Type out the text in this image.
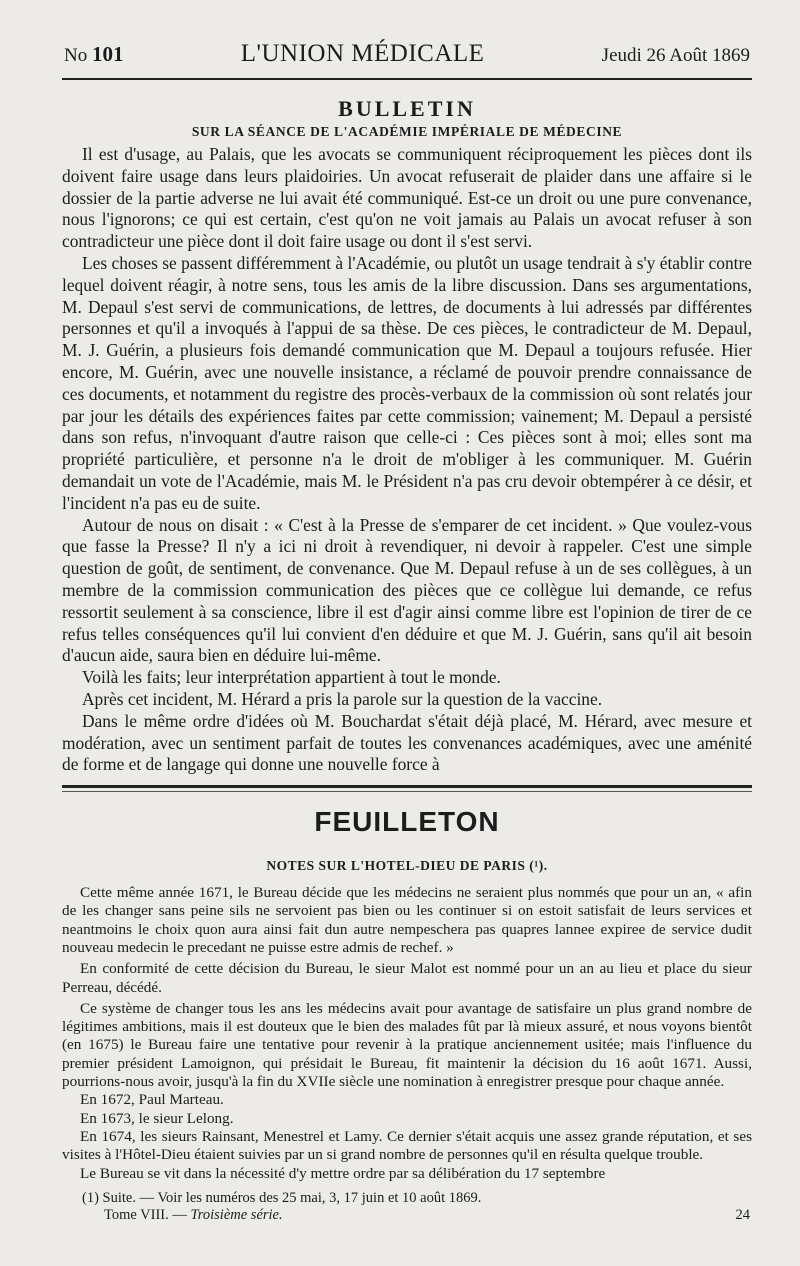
No 101	L'UNION MÉDICALE	Jeudi 26 Août 1869
BULLETIN
SUR LA SÉANCE DE L'ACADÉMIE IMPÉRIALE DE MÉDECINE

Il est d'usage, au Palais, que les avocats se communiquent réciproquement les pièces dont ils doivent faire usage dans leurs plaidoiries. Un avocat refuserait de plaider dans une affaire si le dossier de la partie adverse ne lui avait été communiqué. Est-ce un droit ou une pure convenance, nous l'ignorons; ce qui est certain, c'est qu'on ne voit jamais au Palais un avocat refuser à son contradicteur une pièce dont il doit faire usage ou dont il s'est servi.

Les choses se passent différemment à l'Académie, ou plutôt un usage tendrait à s'y établir contre lequel doivent réagir, à notre sens, tous les amis de la libre discussion. Dans ses argumentations, M. Depaul s'est servi de communications, de lettres, de documents à lui adressés par différentes personnes et qu'il a invoqués à l'appui de sa thèse. De ces pièces, le contradicteur de M. Depaul, M. J. Guérin, a plusieurs fois demandé communication que M. Depaul a toujours refusée. Hier encore, M. Guérin, avec une nouvelle insistance, a réclamé de pouvoir prendre connaissance de ces documents, et notamment du registre des procès-verbaux de la commission où sont relatés jour par jour les détails des expériences faites par cette commission; vainement; M. Depaul a persisté dans son refus, n'invoquant d'autre raison que celle-ci : Ces pièces sont à moi; elles sont ma propriété particulière, et personne n'a le droit de m'obliger à les communiquer. M. Guérin demandait un vote de l'Académie, mais M. le Président n'a pas cru devoir obtempérer à ce désir, et l'incident n'a pas eu de suite.

Autour de nous on disait : « C'est à la Presse de s'emparer de cet incident. » Que voulez-vous que fasse la Presse? Il n'y a ici ni droit à revendiquer, ni devoir à rappeler. C'est une simple question de goût, de sentiment, de convenance. Que M. Depaul refuse à un de ses collègues, à un membre de la commission communication des pièces que ce collègue lui demande, ce refus ressortit seulement à sa conscience, libre il est d'agir ainsi comme libre est l'opinion de tirer de ce refus telles conséquences qu'il lui convient d'en déduire et que M. J. Guérin, sans qu'il ait besoin d'aucun aide, saura bien en déduire lui-même.

Voilà les faits; leur interprétation appartient à tout le monde.

Après cet incident, M. Hérard a pris la parole sur la question de la vaccine.

Dans le même ordre d'idées où M. Bouchardat s'était déjà placé, M. Hérard, avec mesure et modération, avec un sentiment parfait de toutes les convenances académiques, avec une aménité de forme et de langage qui donne une nouvelle force à

FEUILLETON
NOTES SUR L'HOTEL-DIEU DE PARIS (¹).

Cette même année 1671, le Bureau décide que les médecins ne seraient plus nommés que pour un an, « afin de les changer sans peine sils ne servoient pas bien ou les continuer si on estoit satisfait de leurs services et neantmoins le choix quon aura ainsi fait dun autre nempeschera pas quapres lannee expiree de service dudit nouveau medecin le precedant ne puisse estre admis de rechef. »

En conformité de cette décision du Bureau, le sieur Malot est nommé pour un an au lieu et place du sieur Perreau, décédé.

Ce système de changer tous les ans les médecins avait pour avantage de satisfaire un plus grand nombre de légitimes ambitions, mais il est douteux que le bien des malades fût par là mieux assuré, et nous voyons bientôt (en 1675) le Bureau faire une tentative pour revenir à la pratique anciennement usitée; mais l'influence du premier président Lamoignon, qui présidait le Bureau, fit maintenir la décision du 16 août 1671. Aussi, pourrions-nous avoir, jusqu'à la fin du XVIIe siècle une nomination à enregistrer presque pour chaque année.

En 1672, Paul Marteau.

En 1673, le sieur Lelong.

En 1674, les sieurs Rainsant, Menestrel et Lamy. Ce dernier s'était acquis une assez grande réputation, et ses visites à l'Hôtel-Dieu étaient suivies par un si grand nombre de personnes qu'il en résulta quelque trouble.

Le Bureau se vit dans la nécessité d'y mettre ordre par sa délibération du 17 septembre

(1) Suite. — Voir les numéros des 25 mai, 3, 17 juin et 10 août 1869.
Tome VIII. — Troisième série.	24
